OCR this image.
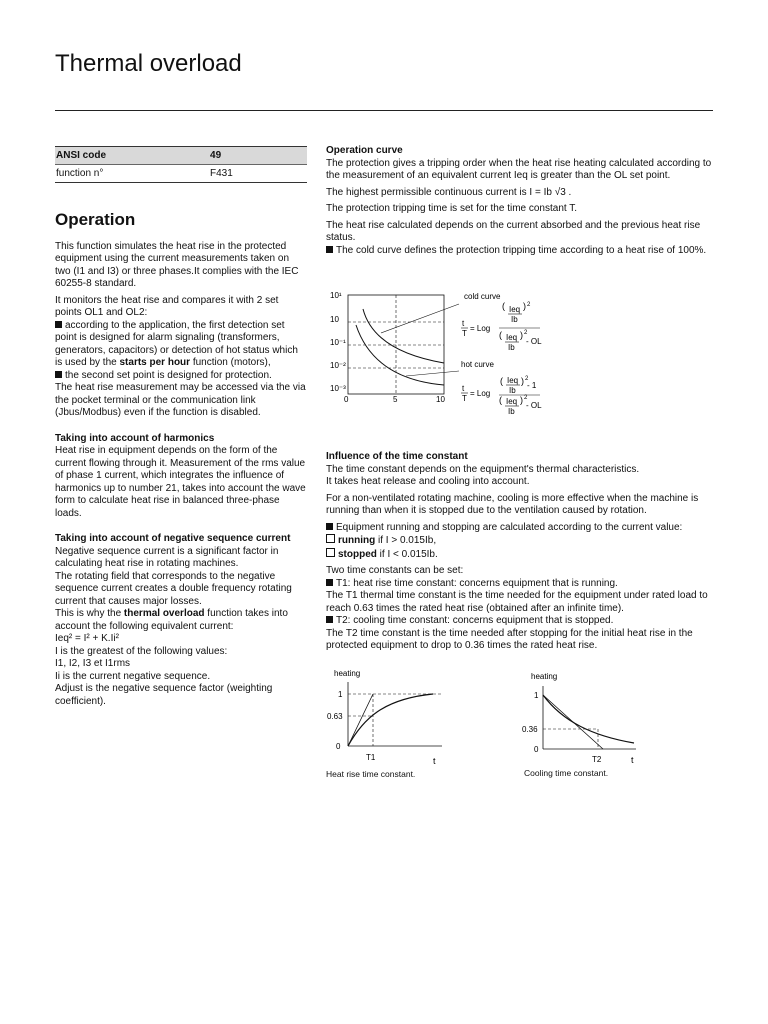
Thermal overload
ANSI code	49
function n°	F431
Operation

This function simulates the heat rise in the protected equipment using the current measurements taken on two (I1 and I3) or three phases.It complies with the IEC 60255-8 standard.

It monitors the heat rise and compares it with 2 set points OL1 and OL2:
according to the application, the first detection set point is designed for alarm signaling (transformers, generators, capacitors) or detection of hot status which is used by the starts per hour function (motors),
the second set point is designed for protection.
The heat rise measurement may be accessed via the via the pocket terminal or the communication link (Jbus/Modbus) even if the function is disabled.

Taking into account of harmonics

Heat rise in equipment depends on the form of the current flowing through it. Measurement of the rms value of phase 1 current, which integrates the influence of harmonics up to number 21, takes into account the wave form to calculate heat rise in balanced three-phase loads.

Taking into account of negative sequence current

Negative sequence current is a significant factor in calculating heat rise in rotating machines.
The rotating field that corresponds to the negative sequence current creates a double frequency rotating current that causes major losses.
This is why the thermal overload function takes into account the following equivalent current:
Ieq² = I² + K.Ii²
I is the greatest of the following values:
I1, I2, I3 et I1rms
Ii is the current negative sequence.
Adjust is the negative sequence factor (weighting coefficient).

Operation curve

The protection gives a tripping order when the heat rise heating calculated according to the measurement of an equivalent current Ieq is greater than the OL set point.

The highest permissible continuous current is I = Ib √3 .

The protection tripping time is set for the time constant T.

The heat rise calculated depends on the current absorbed and the previous heat rise status.
The cold curve defines the protection tripping time according to a heat rise of 100%.

10¹
10
10⁻¹
10⁻²
10⁻³
0	5	10
cold curve
hot curve
t
T
= Log
( Ieq
Ib
) 2
( Ieq
Ib
) 2
- OL
t
T
= Log
( Ieq
Ib
) 2
- 1
( Ieq
Ib
) 2
- OL
Influence of the time constant

The time constant depends on the equipment's thermal characteristics.
It takes heat release and cooling into account.

For a non-ventilated rotating machine, cooling is more effective when the machine is running than when it is stopped due to the ventilation caused by rotation.

Equipment running and stopping are calculated according to the current value:
running if I > 0.015Ib,
stopped if I < 0.015Ib.

Two time constants can be set:
T1: heat rise time constant: concerns equipment that is running.
The T1 thermal time constant is the time needed for the equipment under rated load to reach 0.63 times the rated heat rise (obtained after an infinite time).
T2: cooling time constant: concerns equipment that is stopped.
The T2 time constant is the time needed after stopping for the initial heat rise in the protected equipment to drop to 0.36 times the rated heat rise.

heating
1
0.63
0
T1	t
Heat rise time constant.
heating
1
0.36
0
T2	t
Cooling time constant.
